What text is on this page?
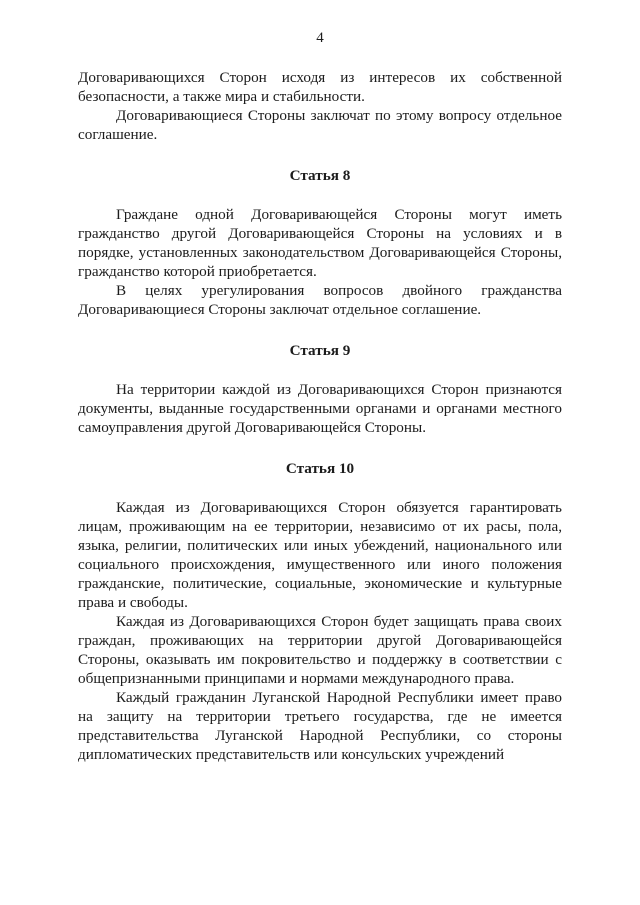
4

Договаривающихся Сторон исходя из интересов их собственной безопасности, а также мира и стабильности.

Договаривающиеся Стороны заключат по этому вопросу отдельное соглашение.

Статья 8

Граждане одной Договаривающейся Стороны могут иметь гражданство другой Договаривающейся Стороны на условиях и в порядке, установленных законодательством Договаривающейся Стороны, гражданство которой приобретается.

В целях урегулирования вопросов двойного гражданства Договаривающиеся Стороны заключат отдельное соглашение.

Статья 9

На территории каждой из Договаривающихся Сторон признаются документы, выданные государственными органами и органами местного самоуправления другой Договаривающейся Стороны.

Статья 10

Каждая из Договаривающихся Сторон обязуется гарантировать лицам, проживающим на ее территории, независимо от их расы, пола, языка, религии, политических или иных убеждений, национального или социального происхождения, имущественного или иного положения гражданские, политические, социальные, экономические и культурные права и свободы.

Каждая из Договаривающихся Сторон будет защищать права своих граждан, проживающих на территории другой Договаривающейся Стороны, оказывать им покровительство и поддержку в соответствии с общепризнанными принципами и нормами международного права.

Каждый гражданин Луганской Народной Республики имеет право на защиту на территории третьего государства, где не имеется представительства Луганской Народной Республики, со стороны дипломатических представительств или консульских учреждений
